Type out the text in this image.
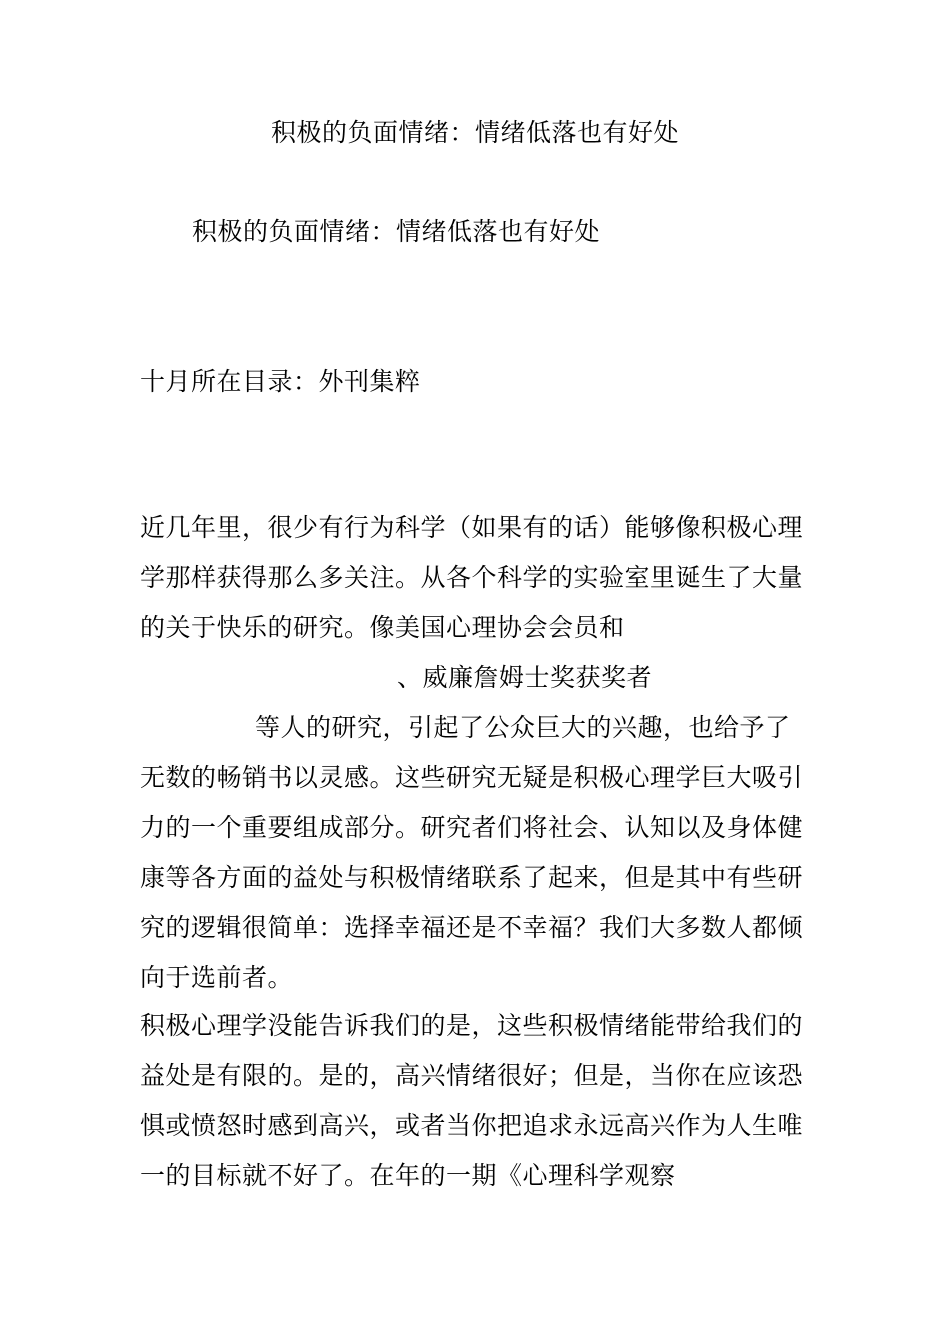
积极的负面情绪：情绪低落也有好处
积极的负面情绪：情绪低落也有好处
十月所在目录：外刊集粹
近几年里，很少有行为科学（如果有的话）能够像积极心理
学那样获得那么多关注。从各个科学的实验室里诞生了大量
的关于快乐的研究。像美国心理协会会员和
、威廉詹姆士奖获奖者
等人的研究，引起了公众巨大的兴趣，也给予了
无数的畅销书以灵感。这些研究无疑是积极心理学巨大吸引
力的一个重要组成部分。研究者们将社会、认知以及身体健
康等各方面的益处与积极情绪联系了起来，但是其中有些研
究的逻辑很简单：选择幸福还是不幸福？我们大多数人都倾
向于选前者。
积极心理学没能告诉我们的是，这些积极情绪能带给我们的
益处是有限的。是的，高兴情绪很好；但是，当你在应该恐
惧或愤怒时感到高兴，或者当你把追求永远高兴作为人生唯
一的目标就不好了。在年的一期《心理科学观察
